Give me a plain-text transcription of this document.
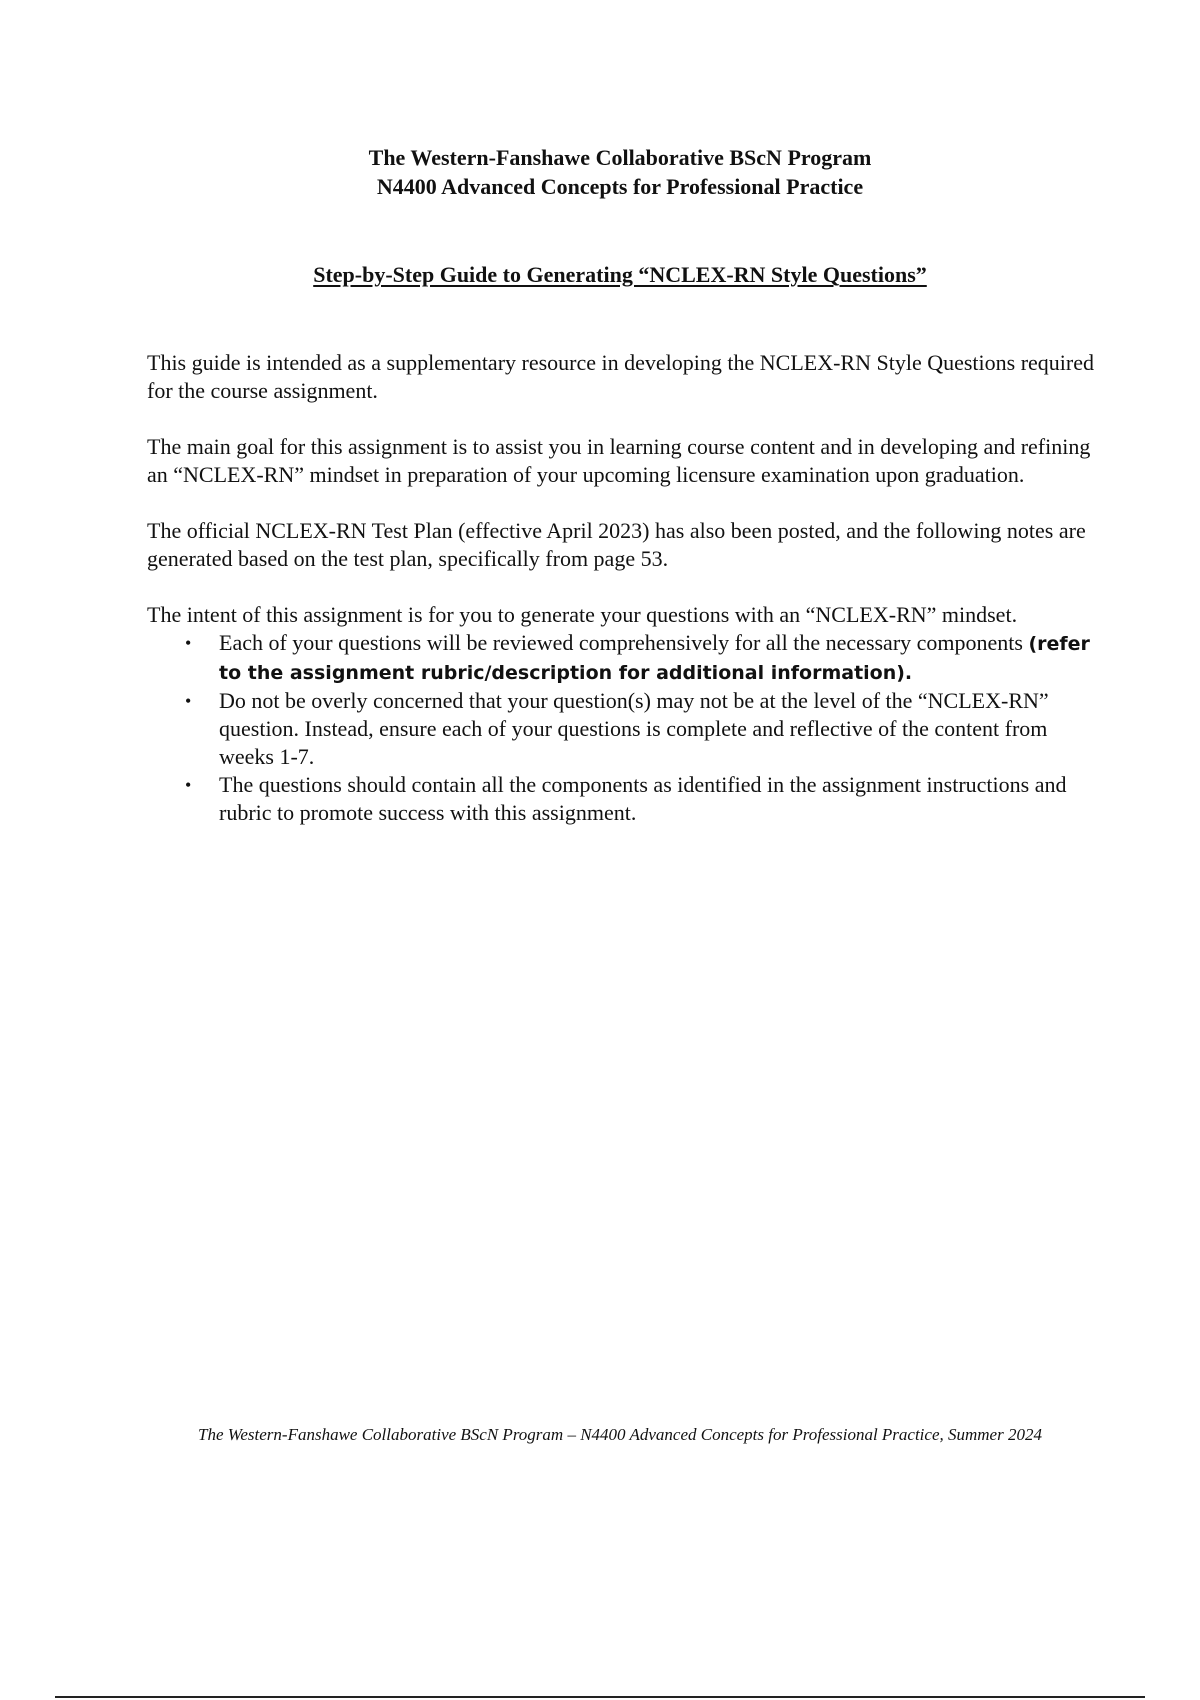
The Western-Fanshawe Collaborative BScN Program
N4400 Advanced Concepts for Professional Practice
Step-by-Step Guide to Generating “NCLEX-RN Style Questions”

This guide is intended as a supplementary resource in developing the NCLEX-RN Style Questions required for the course assignment.

The main goal for this assignment is to assist you in learning course content and in developing and refining an “NCLEX-RN” mindset in preparation of your upcoming licensure examination upon graduation.

The official NCLEX-RN Test Plan (effective April 2023) has also been posted, and the following notes are generated based on the test plan, specifically from page 53.

The intent of this assignment is for you to generate your questions with an “NCLEX-RN” mindset.

• Each of your questions will be reviewed comprehensively for all the necessary components (refer to the assignment rubric/description for additional information).
• Do not be overly concerned that your question(s) may not be at the level of the “NCLEX-RN” question. Instead, ensure each of your questions is complete and reflective of the content from weeks 1-7.
• The questions should contain all the components as identified in the assignment instructions and rubric to promote success with this assignment.
The Western-Fanshawe Collaborative BScN Program – N4400 Advanced Concepts for Professional Practice, Summer 2024
